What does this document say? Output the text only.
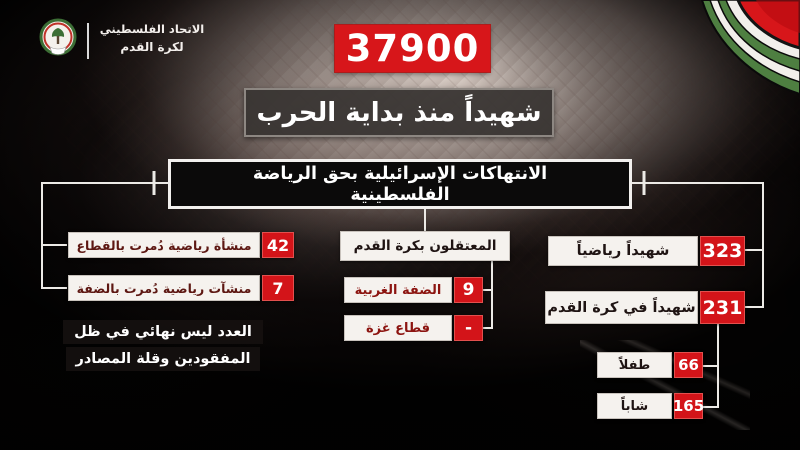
الاتحاد الفلسطيني
لكرة القدم	37900
شهيداً منذ بداية الحرب
الانتهاكات الإسرائيلية بحق الرياضة
الفلسطينية
منشأة رياضية دُمرت بالقطاع 42
منشآت رياضية دُمرت بالضفة	7
العدد ليس نهائي في ظل
المفقودين وقلة المصادر
المعتقلون بكرة القدم
الضفة الغربية	9
قطاع غزة	-
شهيداً رياضياً	323
شهيداً في كرة القدم 231
طفلاً	66
شاباً	165
